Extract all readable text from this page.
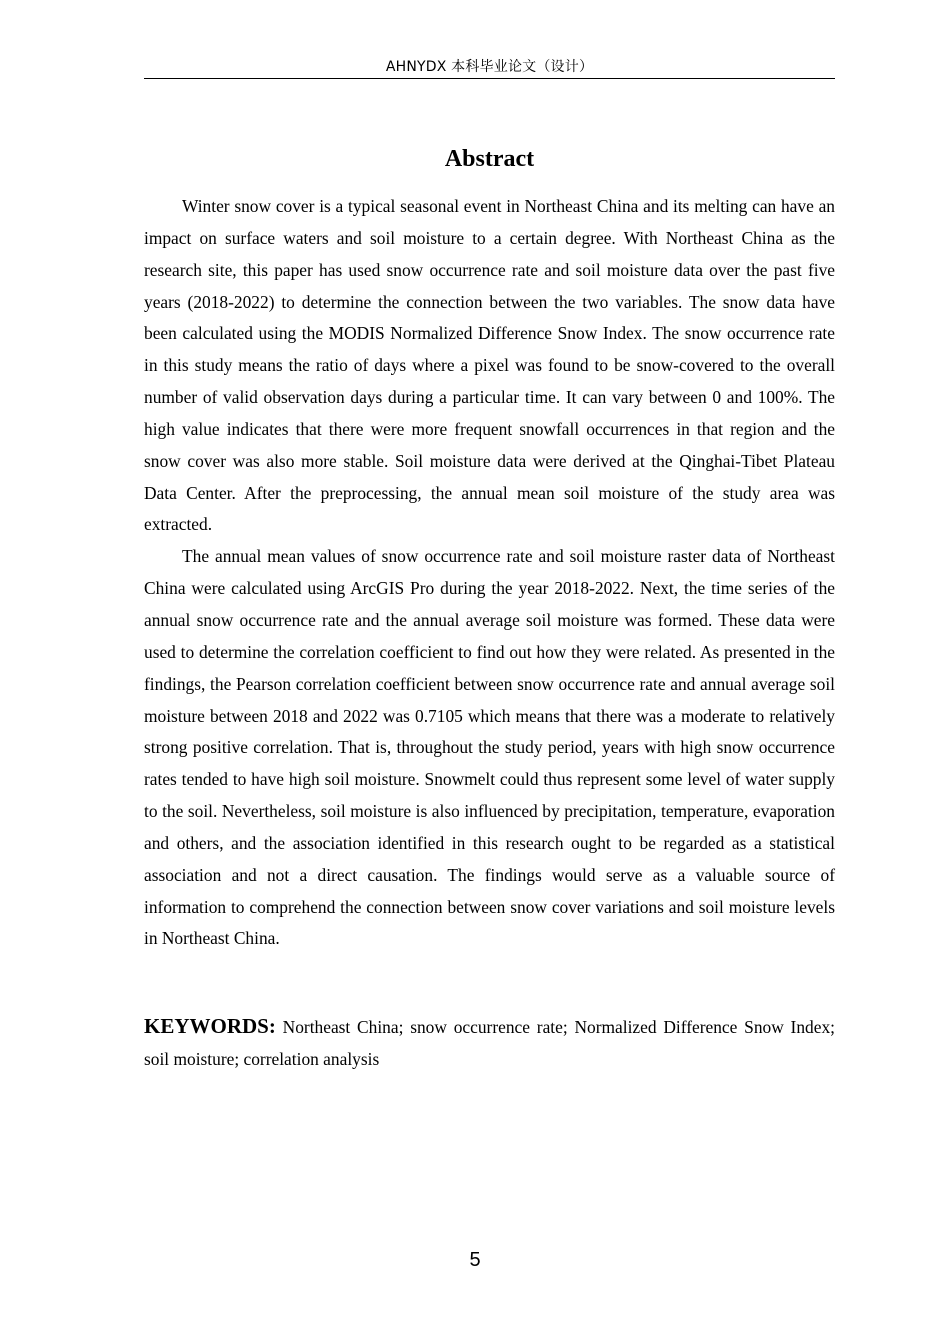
AHNYDX 本科毕业论文（设计）
Abstract

Winter snow cover is a typical seasonal event in Northeast China and its melting can have an impact on surface waters and soil moisture to a certain degree. With Northeast China as the research site, this paper has used snow occurrence rate and soil moisture data over the past five years (2018-2022) to determine the connection between the two variables. The snow data have been calculated using the MODIS Normalized Difference Snow Index. The snow occurrence rate in this study means the ratio of days where a pixel was found to be snow-covered to the overall number of valid observation days during a particular time. It can vary between 0 and 100%. The high value indicates that there were more frequent snowfall occurrences in that region and the snow cover was also more stable. Soil moisture data were derived at the Qinghai-Tibet Plateau Data Center. After the preprocessing, the annual mean soil moisture of the study area was extracted.

The annual mean values of snow occurrence rate and soil moisture raster data of Northeast China were calculated using ArcGIS Pro during the year 2018-2022. Next, the time series of the annual snow occurrence rate and the annual average soil moisture was formed. These data were used to determine the correlation coefficient to find out how they were related. As presented in the findings, the Pearson correlation coefficient between snow occurrence rate and annual average soil moisture between 2018 and 2022 was 0.7105 which means that there was a moderate to relatively strong positive correlation. That is, throughout the study period, years with high snow occurrence rates tended to have high soil moisture. Snowmelt could thus represent some level of water supply to the soil. Nevertheless, soil moisture is also influenced by precipitation, temperature, evaporation and others, and the association identified in this research ought to be regarded as a statistical association and not a direct causation. The findings would serve as a valuable source of information to comprehend the connection between snow cover variations and soil moisture levels in Northeast China.

KEYWORDS: Northeast China; snow occurrence rate; Normalized Difference Snow Index; soil moisture; correlation analysis

5
